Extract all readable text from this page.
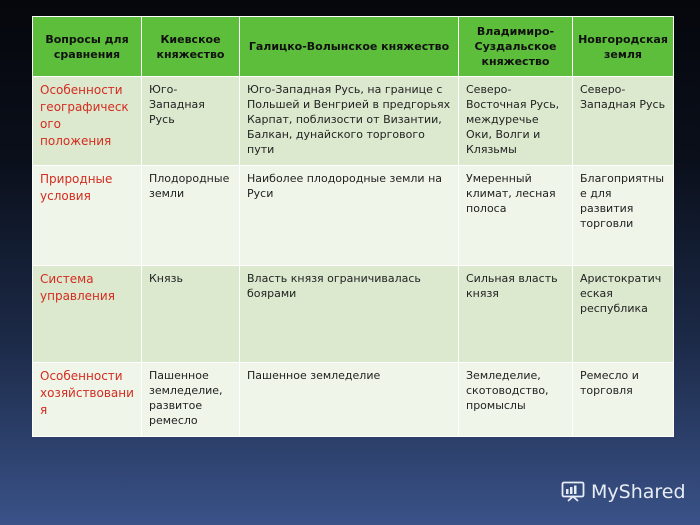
Вопросы для сравнения	Киевское княжество	Галицко-Волынское княжество	Владимиро-Суздальское княжество	Новгородская земля
Особенности географического положения	Юго-Западная Русь	Юго-Западная Русь, на границе с Польшей и Венгрией в предгорьях Карпат, поблизости от Византии, Балкан, дунайского торгового пути	Северо-Восточная Русь, междуречье Оки, Волги и Клязьмы	Северо-Западная Русь
Природные условия	Плодородные земли	Наиболее плодородные земли на Руси	Умеренный климат, лесная полоса	Благоприятные для развития торговли
Система управления	Князь	Власть князя ограничивалась боярами	Сильная власть князя	Аристократическая республика
Особенности хозяйствования	Пашенное земледелие, развитое ремесло	Пашенное земледелие	Земледелие, скотоводство, промыслы	Ремесло и торговля
MyShared
